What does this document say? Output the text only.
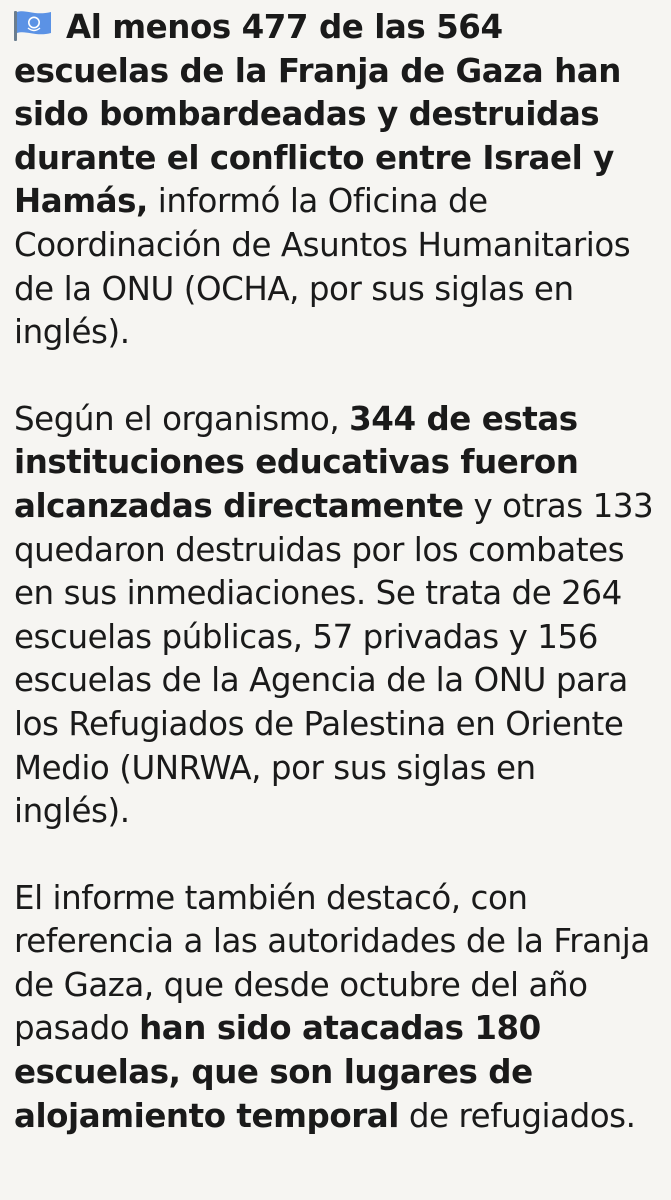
Al menos 477 de las 564 escuelas de la Franja de Gaza han sido bombardeadas y destruidas durante el conflicto entre Israel y Hamás, informó la Oficina de Coordinación de Asuntos Humanitarios de la ONU (OCHA, por sus siglas en inglés).

Según el organismo, 344 de estas instituciones educativas fueron alcanzadas directamente y otras 133 quedaron destruidas por los combates en sus inmediaciones. Se trata de 264 escuelas públicas, 57 privadas y 156 escuelas de la Agencia de la ONU para los Refugiados de Palestina en Oriente Medio (UNRWA, por sus siglas en inglés).

El informe también destacó, con referencia a las autoridades de la Franja de Gaza, que desde octubre del año pasado han sido atacadas 180 escuelas, que son lugares de alojamiento temporal de refugiados.
